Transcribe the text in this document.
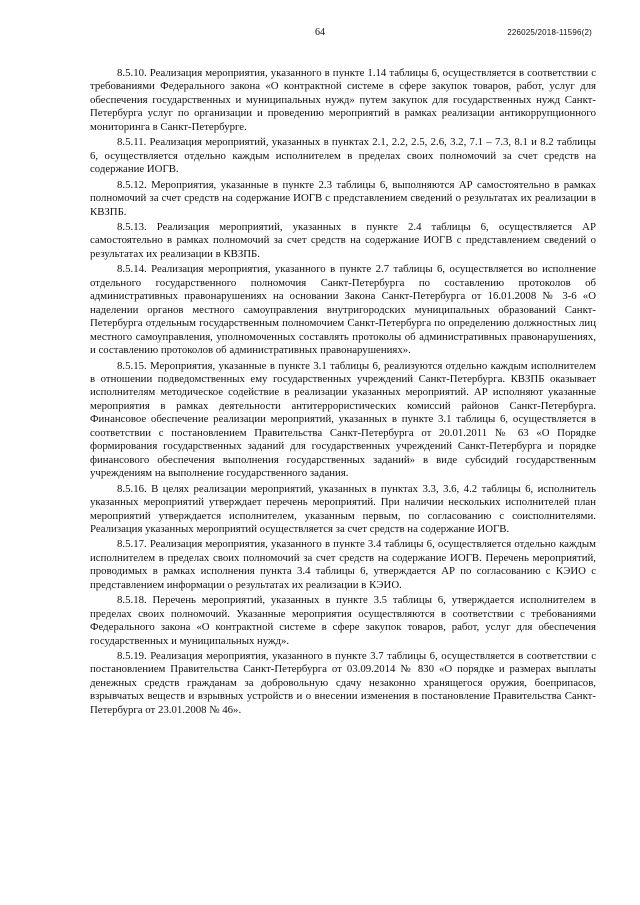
64	226025/2018-11596(2)

8.5.10. Реализация мероприятия, указанного в пункте 1.14 таблицы 6, осуществляется в соответствии с требованиями Федерального закона «О контрактной системе в сфере закупок товаров, работ, услуг для обеспечения государственных и муниципальных нужд» путем закупок для государственных нужд Санкт-Петербурга услуг по организации и проведению мероприятий в рамках реализации антикоррупционного мониторинга в Санкт-Петербурге.

8.5.11. Реализация мероприятий, указанных в пунктах 2.1, 2.2, 2.5, 2.6, 3.2, 7.1 – 7.3, 8.1 и 8.2 таблицы 6, осуществляется отдельно каждым исполнителем в пределах своих полномочий за счет средств на содержание ИОГВ.

8.5.12. Мероприятия, указанные в пункте 2.3 таблицы 6, выполняются АР самостоятельно в рамках полномочий за счет средств на содержание ИОГВ с представлением сведений о результатах их реализации в КВЗПБ.

8.5.13. Реализация мероприятий, указанных в пункте 2.4 таблицы 6, осуществляется АР самостоятельно в рамках полномочий за счет средств на содержание ИОГВ с представлением сведений о результатах их реализации в КВЗПБ.

8.5.14. Реализация мероприятия, указанного в пункте 2.7 таблицы 6, осуществляется во исполнение отдельного государственного полномочия Санкт-Петербурга по составлению протоколов об административных правонарушениях на основании Закона Санкт-Петербурга от 16.01.2008 № 3-6 «О наделении органов местного самоуправления внутригородских муниципальных образований Санкт-Петербурга отдельным государственным полномочием Санкт-Петербурга по определению должностных лиц местного самоуправления, уполномоченных составлять протоколы об административных правонарушениях, и составлению протоколов об административных правонарушениях».

8.5.15. Мероприятия, указанные в пункте 3.1 таблицы 6, реализуются отдельно каждым исполнителем в отношении подведомственных ему государственных учреждений Санкт-Петербурга. КВЗПБ оказывает исполнителям методическое содействие в реализации указанных мероприятий. АР исполняют указанные мероприятия в рамках деятельности антитеррористических комиссий районов Санкт-Петербурга. Финансовое обеспечение реализации мероприятий, указанных в пункте 3.1 таблицы 6, осуществляется в соответствии с постановлением Правительства Санкт-Петербурга от 20.01.2011 № 63 «О Порядке формирования государственных заданий для государственных учреждений Санкт-Петербурга и порядке финансового обеспечения выполнения государственных заданий» в виде субсидий государственным учреждениям на выполнение государственного задания.

8.5.16. В целях реализации мероприятий, указанных в пунктах 3.3, 3.6, 4.2 таблицы 6, исполнитель указанных мероприятий утверждает перечень мероприятий. При наличии нескольких исполнителей план мероприятий утверждается исполнителем, указанным первым, по согласованию с соисполнителями. Реализация указанных мероприятий осуществляется за счет средств на содержание ИОГВ.

8.5.17. Реализация мероприятия, указанного в пункте 3.4 таблицы 6, осуществляется отдельно каждым исполнителем в пределах своих полномочий за счет средств на содержание ИОГВ. Перечень мероприятий, проводимых в рамках исполнения пункта 3.4 таблицы 6, утверждается АР по согласованию с КЭИО с представлением информации о результатах их реализации в КЭИО.

8.5.18. Перечень мероприятий, указанных в пункте 3.5 таблицы 6, утверждается исполнителем в пределах своих полномочий. Указанные мероприятия осуществляются в соответствии с требованиями Федерального закона «О контрактной системе в сфере закупок товаров, работ, услуг для обеспечения государственных и муниципальных нужд».

8.5.19. Реализация мероприятия, указанного в пункте 3.7 таблицы 6, осуществляется в соответствии с постановлением Правительства Санкт-Петербурга от 03.09.2014 № 830 «О порядке и размерах выплаты денежных средств гражданам за добровольную сдачу незаконно хранящегося оружия, боеприпасов, взрывчатых веществ и взрывных устройств и о внесении изменения в постановление Правительства Санкт-Петербурга от 23.01.2008 № 46».
